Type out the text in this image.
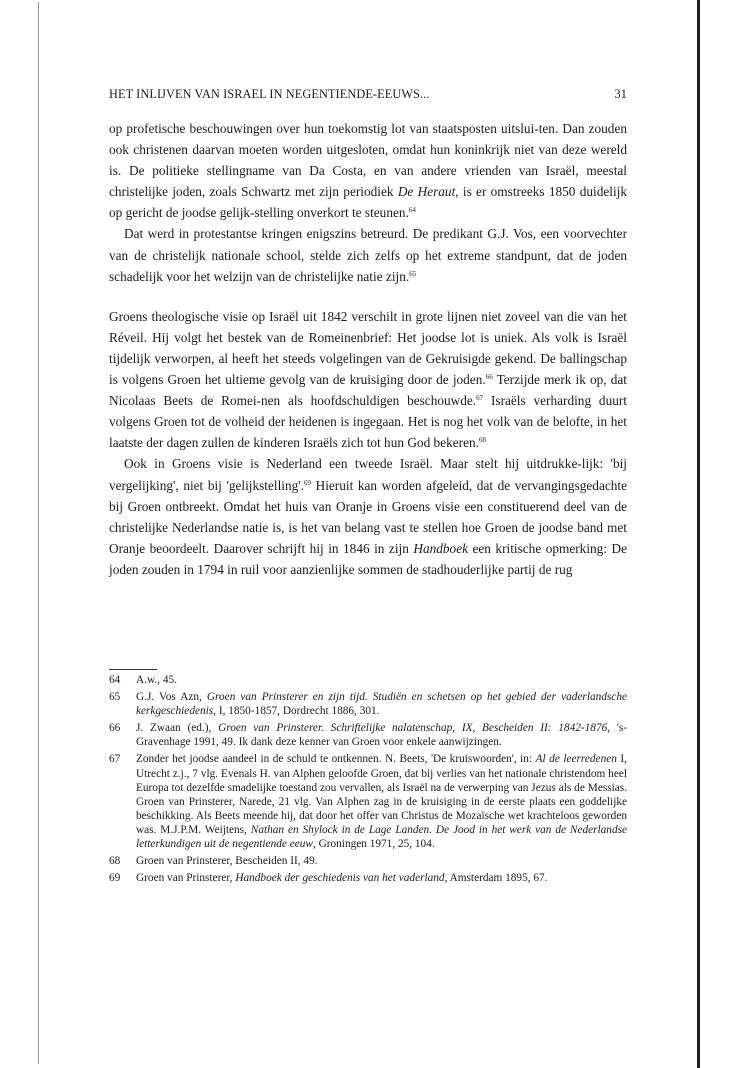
HET INLIJVEN VAN ISRAEL IN NEGENTIENDE-EEUWS...	31

op profetische beschouwingen over hun toekomstig lot van staatsposten uitslui-ten. Dan zouden ook christenen daarvan moeten worden uitgesloten, omdat hun koninkrijk niet van deze wereld is. De politieke stellingname van Da Costa, en van andere vrienden van Israël, meestal christelijke joden, zoals Schwartz met zijn periodiek De Heraut, is er omstreeks 1850 duidelijk op gericht de joodse gelijk-stelling onverkort te steunen.$^{64}$

Dat werd in protestantse kringen enigszins betreurd. De predikant G.J. Vos, een voorvechter van de christelijk nationale school, stelde zich zelfs op het extreme standpunt, dat de joden schadelijk voor het welzijn van de christelijke natie zijn.$^{65}$

Groens theologische visie op Israël uit 1842 verschilt in grote lijnen niet zoveel van die van het Réveil. Hij volgt het bestek van de Romeinenbrief: Het joodse lot is uniek. Als volk is Israël tijdelijk verworpen, al heeft het steeds volgelingen van de Gekruisigde gekend. De ballingschap is volgens Groen het ultieme gevolg van de kruisiging door de joden.$^{66}$ Terzijde merk ik op, dat Nicolaas Beets de Romei-nen als hoofdschuldigen beschouwde.$^{67}$ Israëls verharding duurt volgens Groen tot de volheid der heidenen is ingegaan. Het is nog het volk van de belofte, in het laatste der dagen zullen de kinderen Israëls zich tot hun God bekeren.$^{68}$

Ook in Groens visie is Nederland een tweede Israël. Maar stelt hij uitdrukke-lijk: 'bij vergelijking', niet bij 'gelijkstelling'.$^{69}$ Hieruit kan worden afgeleid, dat de vervangingsgedachte bij Groen ontbreekt. Omdat het huis van Oranje in Groens visie een constituerend deel van de christelijke Nederlandse natie is, is het van belang vast te stellen hoe Groen de joodse band met Oranje beoordeelt. Daarover schrijft hij in 1846 in zijn Handboek een kritische opmerking: De joden zouden in 1794 in ruil voor aanzienlijke sommen de stadhouderlijke partij de rug

64 A.w., 45.
65 G.J. Vos Azn, Groen van Prinsterer en zijn tijd. Studiën en schetsen op het gebied der vaderlandsche kerkgeschiedenis, I, 1850-1857, Dordrecht 1886, 301.
66 J. Zwaan (ed.), Groen van Prinsterer. Schriftelijke nalatenschap, IX, Bescheiden II: 1842-1876, 's-Gravenhage 1991, 49. Ik dank deze kenner van Groen voor enkele aanwijzingen.
67 Zonder het joodse aandeel in de schuld te ontkennen. N. Beets, 'De kruiswoorden', in: Al de leerredenen I, Utrecht z.j., 7 vlg. Evenals H. van Alphen geloofde Groen, dat bij verlies van het nationale christendom heel Europa tot dezelfde smadelijke toestand zou vervallen, als Israël na de verwerping van Jezus als de Messias. Groen van Prinsterer, Narede, 21 vlg. Van Alphen zag in de kruisiging in de eerste plaats een goddelijke beschikking. Als Beets meende hij, dat door het offer van Christus de Mozaïsche wet krachteloos geworden was. M.J.P.M. Weijtens, Nathan en Shylock in de Lage Landen. De Jood in het werk van de Nederlandse letterkundigen uit de negentiende eeuw, Groningen 1971, 25, 104.
68 Groen van Prinsterer, Bescheiden II, 49.
69 Groen van Prinsterer, Handboek der geschiedenis van het vaderland, Amsterdam 1895, 67.
